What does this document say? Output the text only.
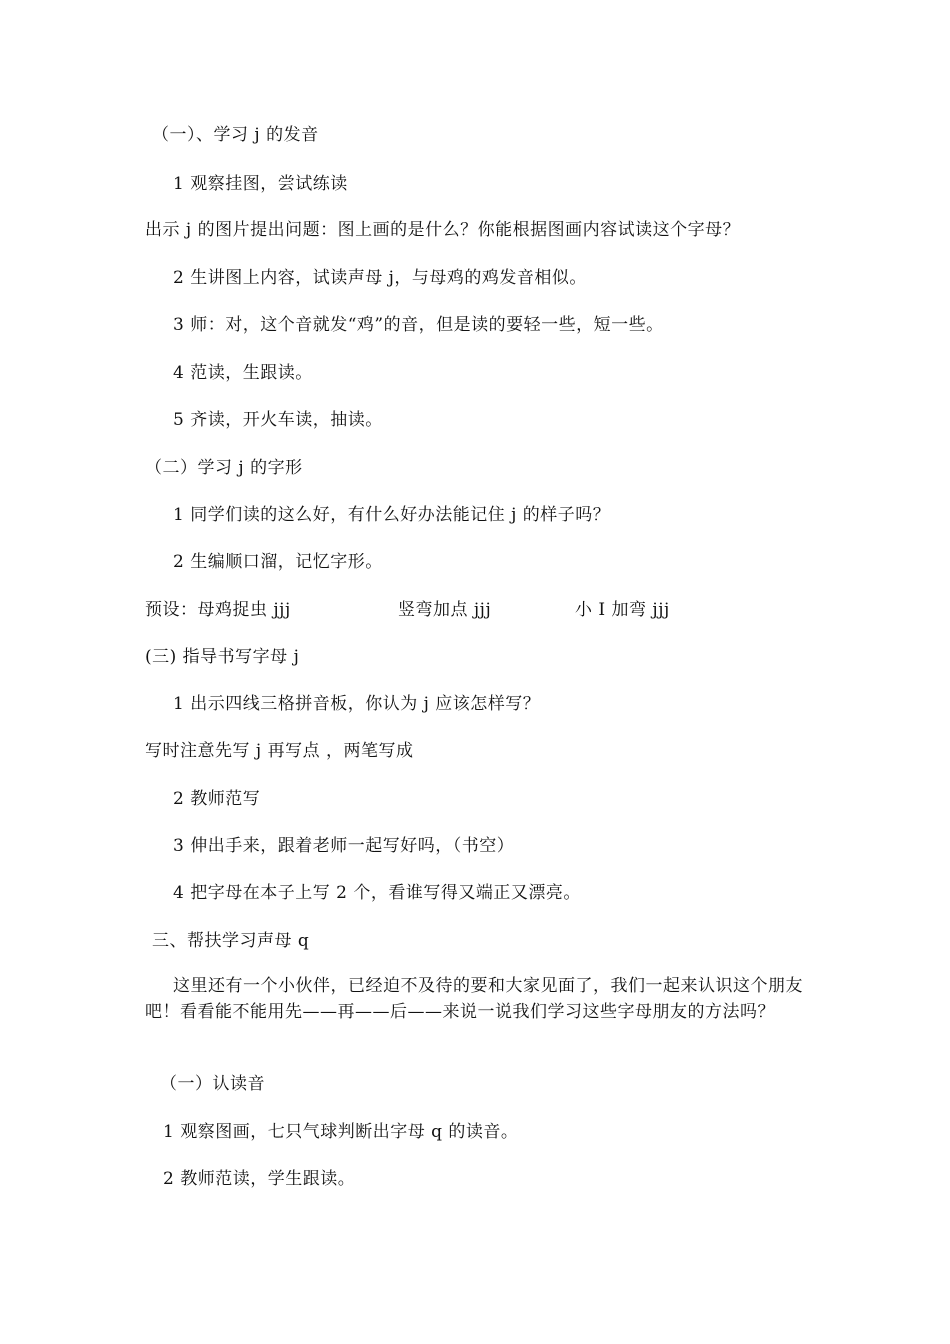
（一）、学习 j 的发音
1 观察挂图，尝试练读
出示 j 的图片提出问题：图上画的是什么？你能根据图画内容试读这个字母？
2 生讲图上内容，试读声母 j，与母鸡的鸡发音相似。
3 师：对，这个音就发“鸡”的音，但是读的要轻一些，短一些。
4 范读，生跟读。
5 齐读，开火车读，抽读。
（二）学习 j 的字形
1 同学们读的这么好，有什么好办法能记住 j 的样子吗？
2 生编顺口溜，记忆字形。
预设：母鸡捉虫 jjj	竖弯加点 jjj	小 I 加弯 jjj
(三) 指导书写字母 j
1 出示四线三格拼音板，你认为 j 应该怎样写？
写时注意先写 j 再写点 ，两笔写成
2 教师范写
3 伸出手来，跟着老师一起写好吗，（书空）
4 把字母在本子上写 2 个，看谁写得又端正又漂亮。
三、帮扶学习声母 q
这里还有一个小伙伴，已经迫不及待的要和大家见面了，我们一起来认识这个朋友吧！看看能不能用先——再——后——来说一说我们学习这些字母朋友的方法吗？
（一）认读音
1 观察图画，七只气球判断出字母 q 的读音。
2 教师范读，学生跟读。
